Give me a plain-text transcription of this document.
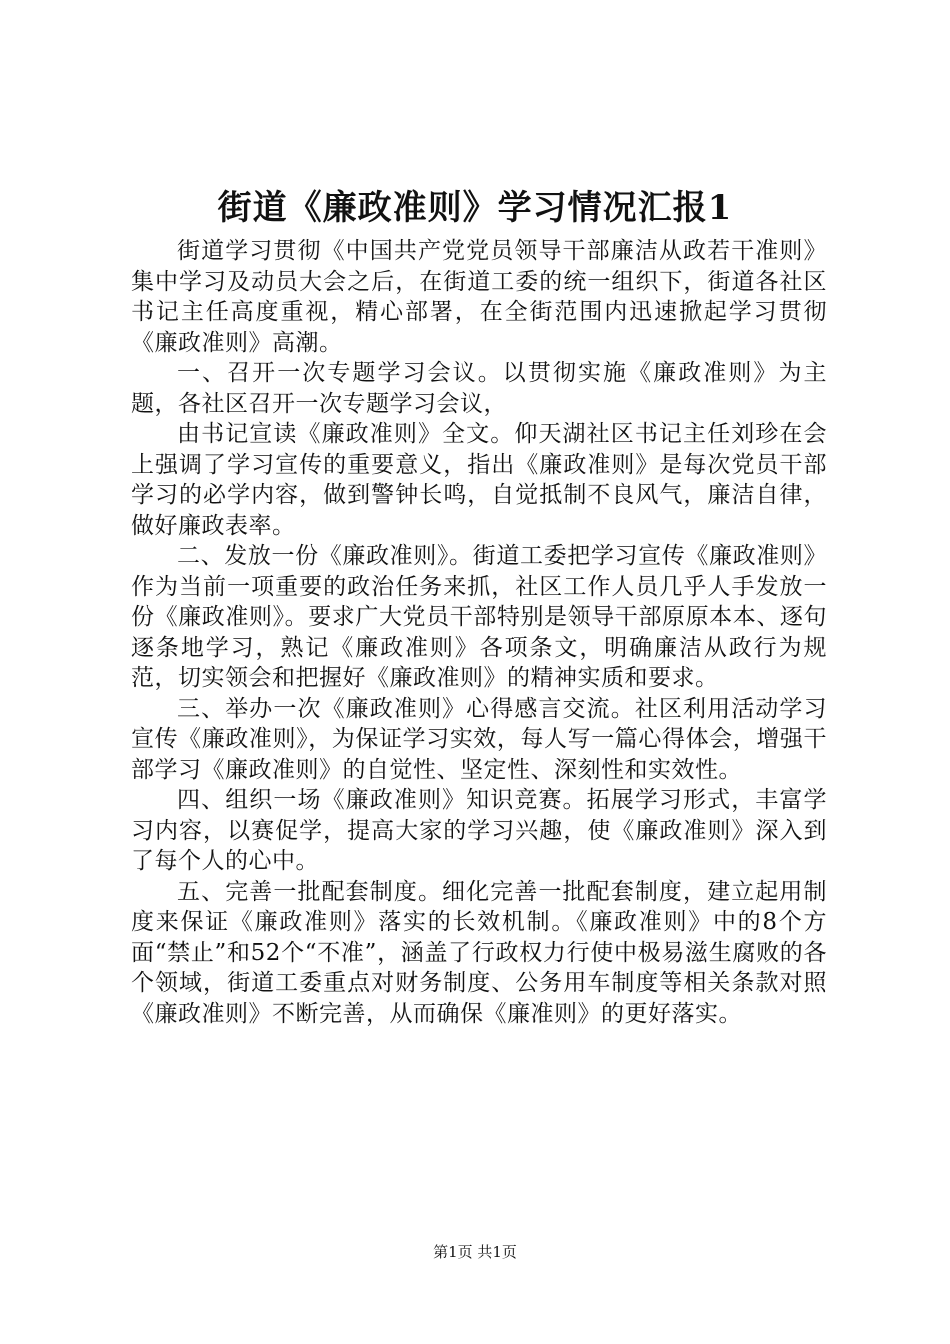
街道《廉政准则》学习情况汇报1

街道学习贯彻《中国共产党党员领导干部廉洁从政若干准则》集中学习及动员大会之后，在街道工委的统一组织下，街道各社区书记主任高度重视，精心部署，在全街范围内迅速掀起学习贯彻《廉政准则》高潮。

一、召开一次专题学习会议。以贯彻实施《廉政准则》为主题，各社区召开一次专题学习会议，

由书记宣读《廉政准则》全文。仰天湖社区书记主任刘珍在会上强调了学习宣传的重要意义，指出《廉政准则》是每次党员干部学习的必学内容，做到警钟长鸣，自觉抵制不良风气，廉洁自律，做好廉政表率。

二、发放一份《廉政准则》。街道工委把学习宣传《廉政准则》作为当前一项重要的政治任务来抓，社区工作人员几乎人手发放一份《廉政准则》。要求广大党员干部特别是领导干部原原本本、逐句逐条地学习，熟记《廉政准则》各项条文，明确廉洁从政行为规范，切实领会和把握好《廉政准则》的精神实质和要求。

三、举办一次《廉政准则》心得感言交流。社区利用活动学习宣传《廉政准则》，为保证学习实效，每人写一篇心得体会，增强干部学习《廉政准则》的自觉性、坚定性、深刻性和实效性。

四、组织一场《廉政准则》知识竞赛。拓展学习形式，丰富学习内容，以赛促学，提高大家的学习兴趣，使《廉政准则》深入到了每个人的心中。

五、完善一批配套制度。细化完善一批配套制度，建立起用制度来保证《廉政准则》落实的长效机制。《廉政准则》中的8个方面“禁止”和52个“不准”，涵盖了行政权力行使中极易滋生腐败的各个领域，街道工委重点对财务制度、公务用车制度等相关条款对照《廉政准则》不断完善，从而确保《廉准则》的更好落实。

第1页 共1页
